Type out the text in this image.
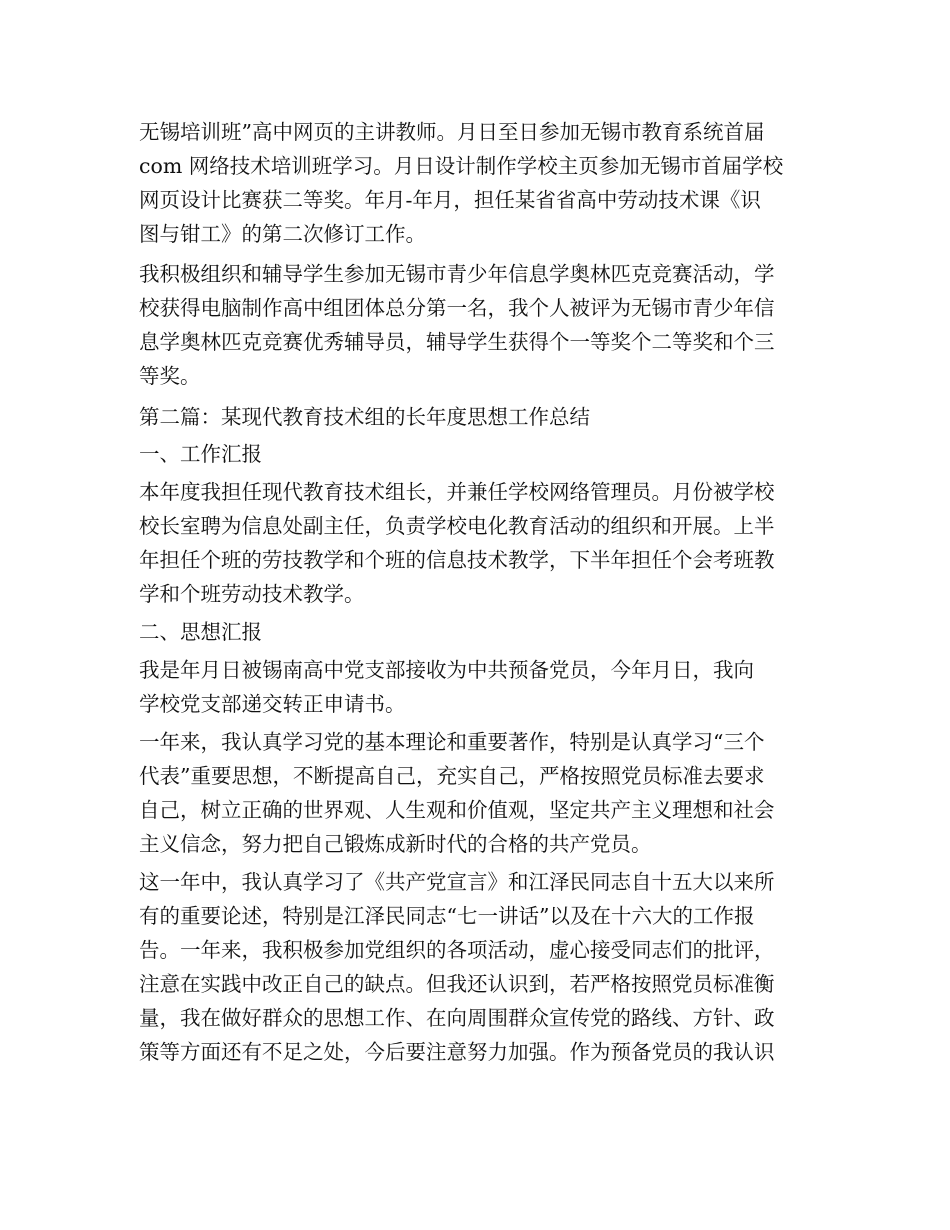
无锡培训班”高中网页的主讲教师。月日至日参加无锡市教育系统首届
com 网络技术培训班学习。月日设计制作学校主页参加无锡市首届学校
网页设计比赛获二等奖。年月-年月，担任某省省高中劳动技术课《识
图与钳工》的第二次修订工作。
我积极组织和辅导学生参加无锡市青少年信息学奥林匹克竞赛活动，学
校获得电脑制作高中组团体总分第一名，我个人被评为无锡市青少年信
息学奥林匹克竞赛优秀辅导员，辅导学生获得个一等奖个二等奖和个三
等奖。
第二篇：某现代教育技术组的长年度思想工作总结
一、工作汇报
本年度我担任现代教育技术组长，并兼任学校网络管理员。月份被学校
校长室聘为信息处副主任，负责学校电化教育活动的组织和开展。上半
年担任个班的劳技教学和个班的信息技术教学，下半年担任个会考班教
学和个班劳动技术教学。
二、思想汇报
我是年月日被锡南高中党支部接收为中共预备党员，今年月日，我向
学校党支部递交转正申请书。
一年来，我认真学习党的基本理论和重要著作，特别是认真学习“三个
代表”重要思想，不断提高自己，充实自己，严格按照党员标准去要求
自己，树立正确的世界观、人生观和价值观，坚定共产主义理想和社会
主义信念，努力把自己锻炼成新时代的合格的共产党员。
这一年中，我认真学习了《共产党宣言》和江泽民同志自十五大以来所
有的重要论述，特别是江泽民同志“七一讲话”以及在十六大的工作报
告。一年来，我积极参加党组织的各项活动，虚心接受同志们的批评，
注意在实践中改正自己的缺点。但我还认识到，若严格按照党员标准衡
量，我在做好群众的思想工作、在向周围群众宣传党的路线、方针、政
策等方面还有不足之处，今后要注意努力加强。作为预备党员的我认识
